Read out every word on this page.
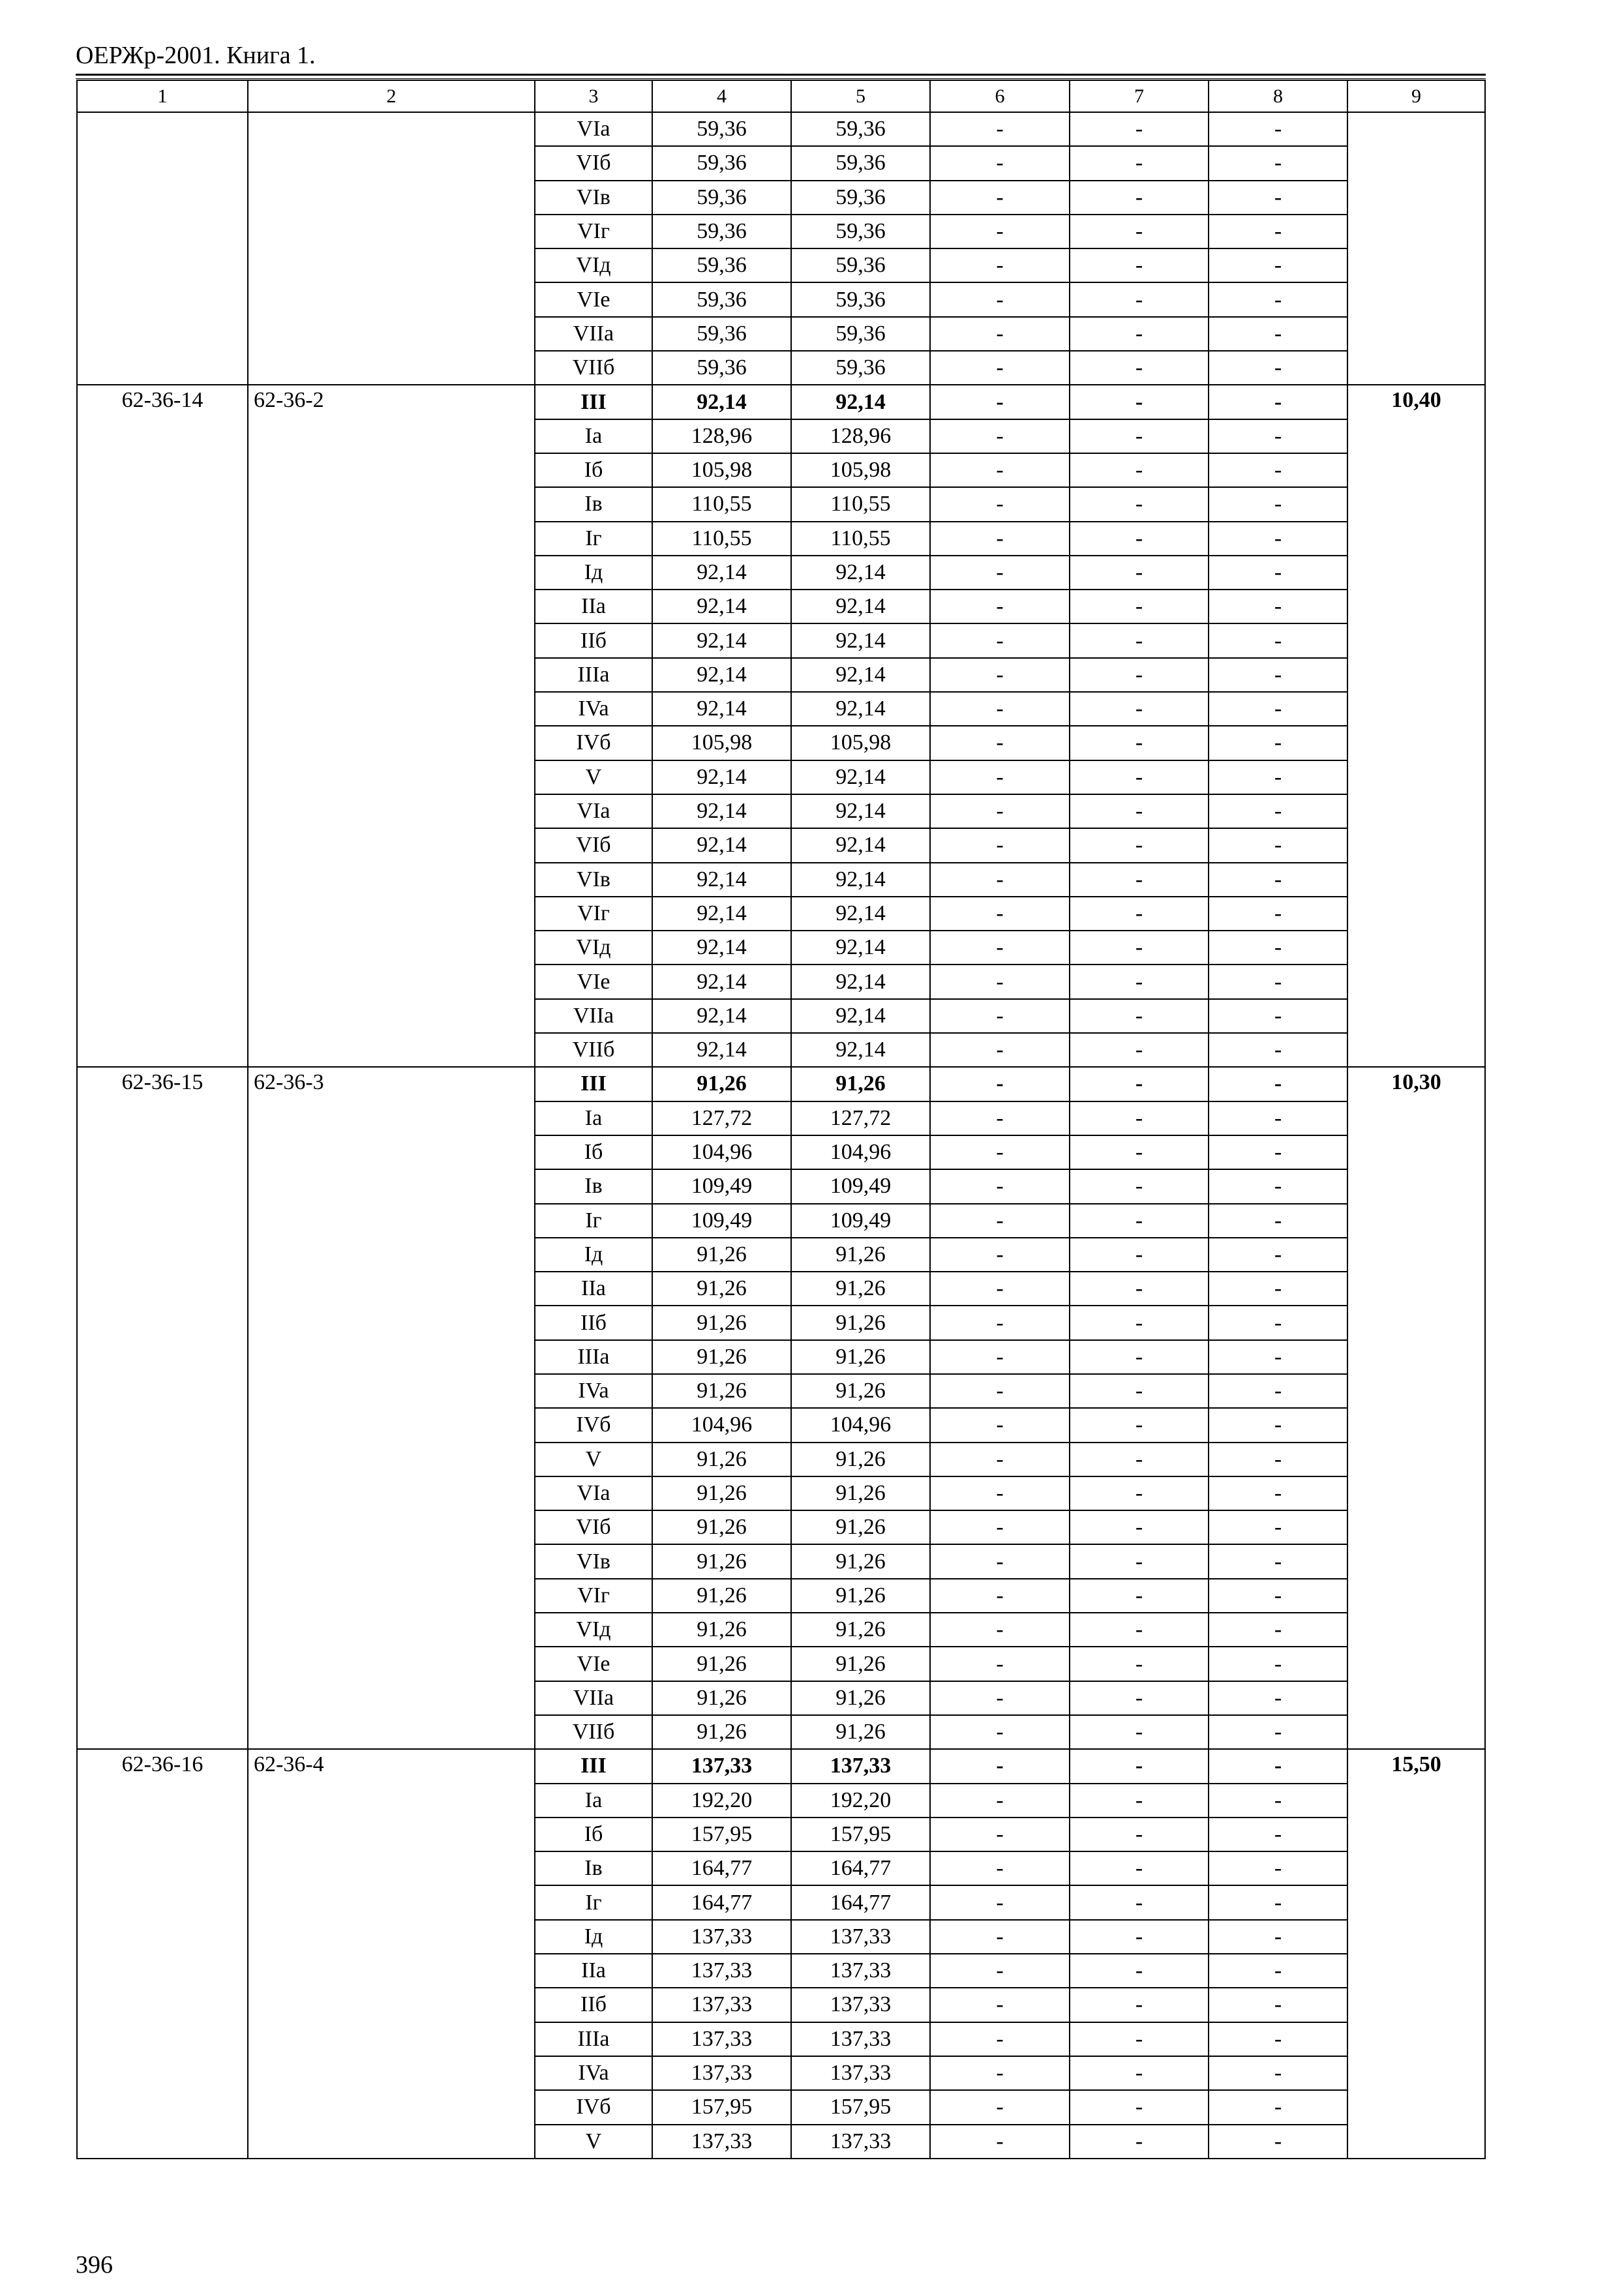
ОЕРЖр-2001. Книга 1.
1	2	3	4	5	6	7	8	9
		VIa	59,36	59,36	-	-	-	
		VIб	59,36	59,36	-	-	-	
		VIв	59,36	59,36	-	-	-	
		VIг	59,36	59,36	-	-	-	
		VIд	59,36	59,36	-	-	-	
		VIe	59,36	59,36	-	-	-	
		VIIa	59,36	59,36	-	-	-	
		VIIб	59,36	59,36	-	-	-	
62-36-14	62-36-2	III	92,14	92,14	-	-	-	10,40
		Ia	128,96	128,96	-	-	-	
		Iб	105,98	105,98	-	-	-	
		Iв	110,55	110,55	-	-	-	
		Iг	110,55	110,55	-	-	-	
		Iд	92,14	92,14	-	-	-	
		IIa	92,14	92,14	-	-	-	
		IIб	92,14	92,14	-	-	-	
		IIIa	92,14	92,14	-	-	-	
		IVa	92,14	92,14	-	-	-	
		IVб	105,98	105,98	-	-	-	
		V	92,14	92,14	-	-	-	
		VIa	92,14	92,14	-	-	-	
		VIб	92,14	92,14	-	-	-	
		VIв	92,14	92,14	-	-	-	
		VIг	92,14	92,14	-	-	-	
		VIд	92,14	92,14	-	-	-	
		VIe	92,14	92,14	-	-	-	
		VIIa	92,14	92,14	-	-	-	
		VIIб	92,14	92,14	-	-	-	
62-36-15	62-36-3	III	91,26	91,26	-	-	-	10,30
		Ia	127,72	127,72	-	-	-	
		Iб	104,96	104,96	-	-	-	
		Iв	109,49	109,49	-	-	-	
		Iг	109,49	109,49	-	-	-	
		Iд	91,26	91,26	-	-	-	
		IIa	91,26	91,26	-	-	-	
		IIб	91,26	91,26	-	-	-	
		IIIa	91,26	91,26	-	-	-	
		IVa	91,26	91,26	-	-	-	
		IVб	104,96	104,96	-	-	-	
		V	91,26	91,26	-	-	-	
		VIa	91,26	91,26	-	-	-	
		VIб	91,26	91,26	-	-	-	
		VIв	91,26	91,26	-	-	-	
		VIг	91,26	91,26	-	-	-	
		VIд	91,26	91,26	-	-	-	
		VIe	91,26	91,26	-	-	-	
		VIIa	91,26	91,26	-	-	-	
		VIIб	91,26	91,26	-	-	-	
62-36-16	62-36-4	III	137,33	137,33	-	-	-	15,50
		Ia	192,20	192,20	-	-	-	
		Iб	157,95	157,95	-	-	-	
		Iв	164,77	164,77	-	-	-	
		Iг	164,77	164,77	-	-	-	
		Iд	137,33	137,33	-	-	-	
		IIa	137,33	137,33	-	-	-	
		IIб	137,33	137,33	-	-	-	
		IIIa	137,33	137,33	-	-	-	
		IVa	137,33	137,33	-	-	-	
		IVб	157,95	157,95	-	-	-	
		V	137,33	137,33	-	-	-	
396
